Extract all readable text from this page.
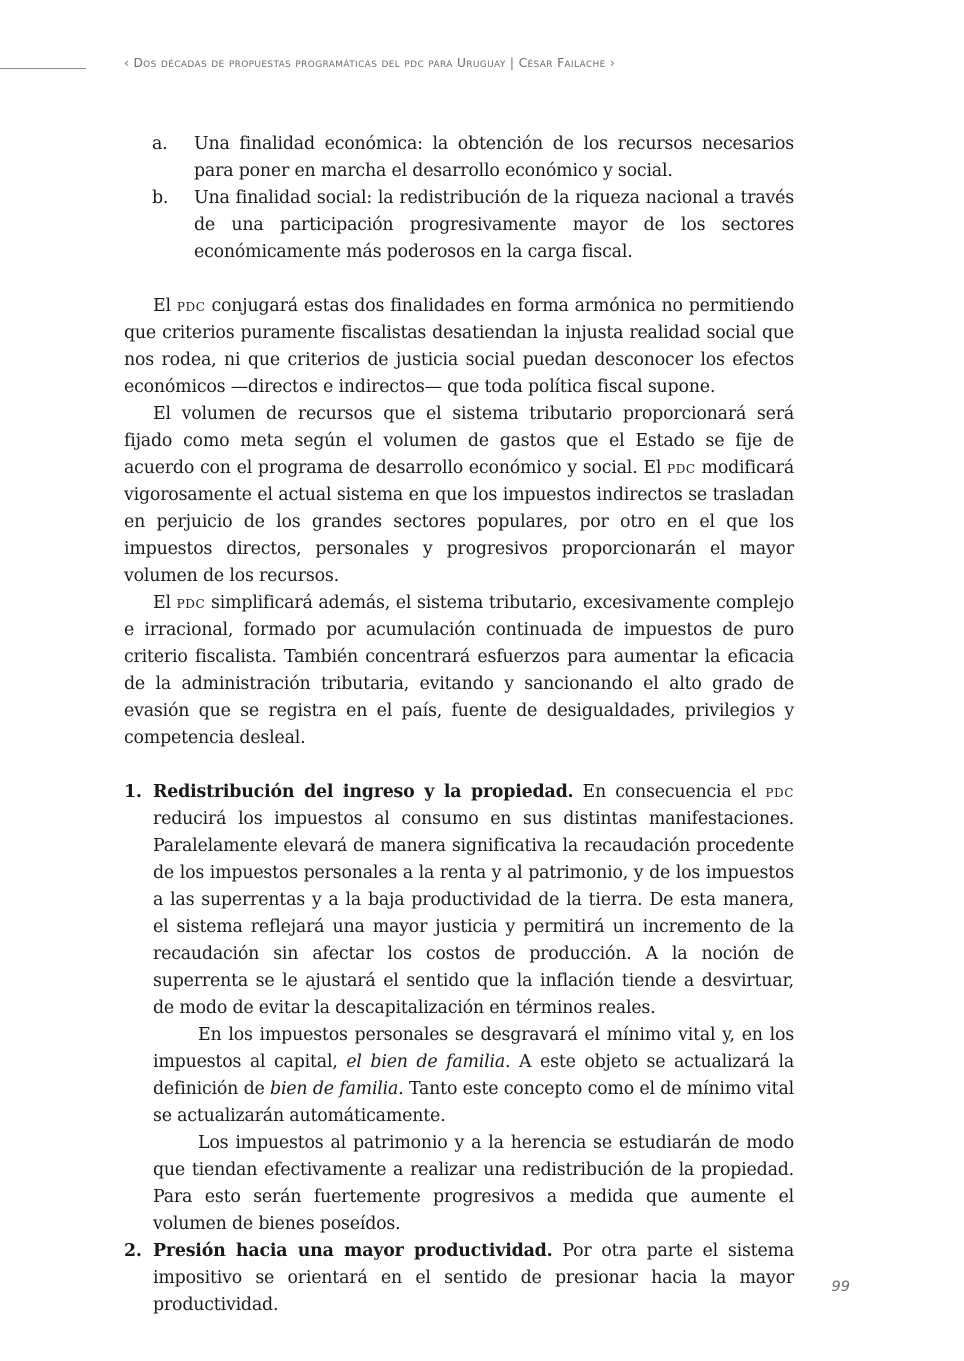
‹ Dos décadas de propuestas programáticas del pdc para Uruguay | César Failache ›
a.	Una finalidad económica: la obtención de los recursos necesarios para poner en marcha el desarrollo económico y social.
b.	Una finalidad social: la redistribución de la riqueza nacional a través de una participación progresivamente mayor de los sectores económicamente más poderosos en la carga fiscal.

El pdc conjugará estas dos finalidades en forma armónica no permitiendo que criterios puramente fiscalistas desatiendan la injusta realidad social que nos rodea, ni que criterios de justicia social puedan desconocer los efectos económicos —directos e indirectos— que toda política fiscal supone.

El volumen de recursos que el sistema tributario proporcionará será fijado como meta según el volumen de gastos que el Estado se fije de acuerdo con el programa de desarrollo económico y social. El pdc modificará vigorosamente el actual sistema en que los impuestos indirectos se trasladan en perjuicio de los grandes sectores populares, por otro en el que los impuestos directos, personales y progresivos proporcionarán el mayor volumen de los recursos.

El pdc simplificará además, el sistema tributario, excesivamente complejo e irracional, formado por acumulación continuada de impuestos de puro criterio fiscalista. También concentrará esfuerzos para aumentar la eficacia de la administración tributaria, evitando y sancionando el alto grado de evasión que se registra en el país, fuente de desigualdades, privilegios y competencia desleal.

1. Redistribución del ingreso y la propiedad. En consecuencia el pdc reducirá los impuestos al consumo en sus distintas manifestaciones. Paralelamente elevará de manera significativa la recaudación procedente de los impuestos personales a la renta y al patrimonio, y de los impuestos a las superrentas y a la baja productividad de la tierra. De esta manera, el sistema reflejará una mayor justicia y permitirá un incremento de la recaudación sin afectar los costos de producción. A la noción de superrenta se le ajustará el sentido que la inflación tiende a desvirtuar, de modo de evitar la descapitalización en términos reales.

En los impuestos personales se desgravará el mínimo vital y, en los impuestos al capital, el bien de familia. A este objeto se actualizará la definición de bien de familia. Tanto este concepto como el de mínimo vital se actualizarán automáticamente.

Los impuestos al patrimonio y a la herencia se estudiarán de modo que tiendan efectivamente a realizar una redistribución de la propiedad. Para esto serán fuertemente progresivos a medida que aumente el volumen de bienes poseídos.

2. Presión hacia una mayor productividad. Por otra parte el sistema impositivo se orientará en el sentido de presionar hacia la mayor productividad.

99
